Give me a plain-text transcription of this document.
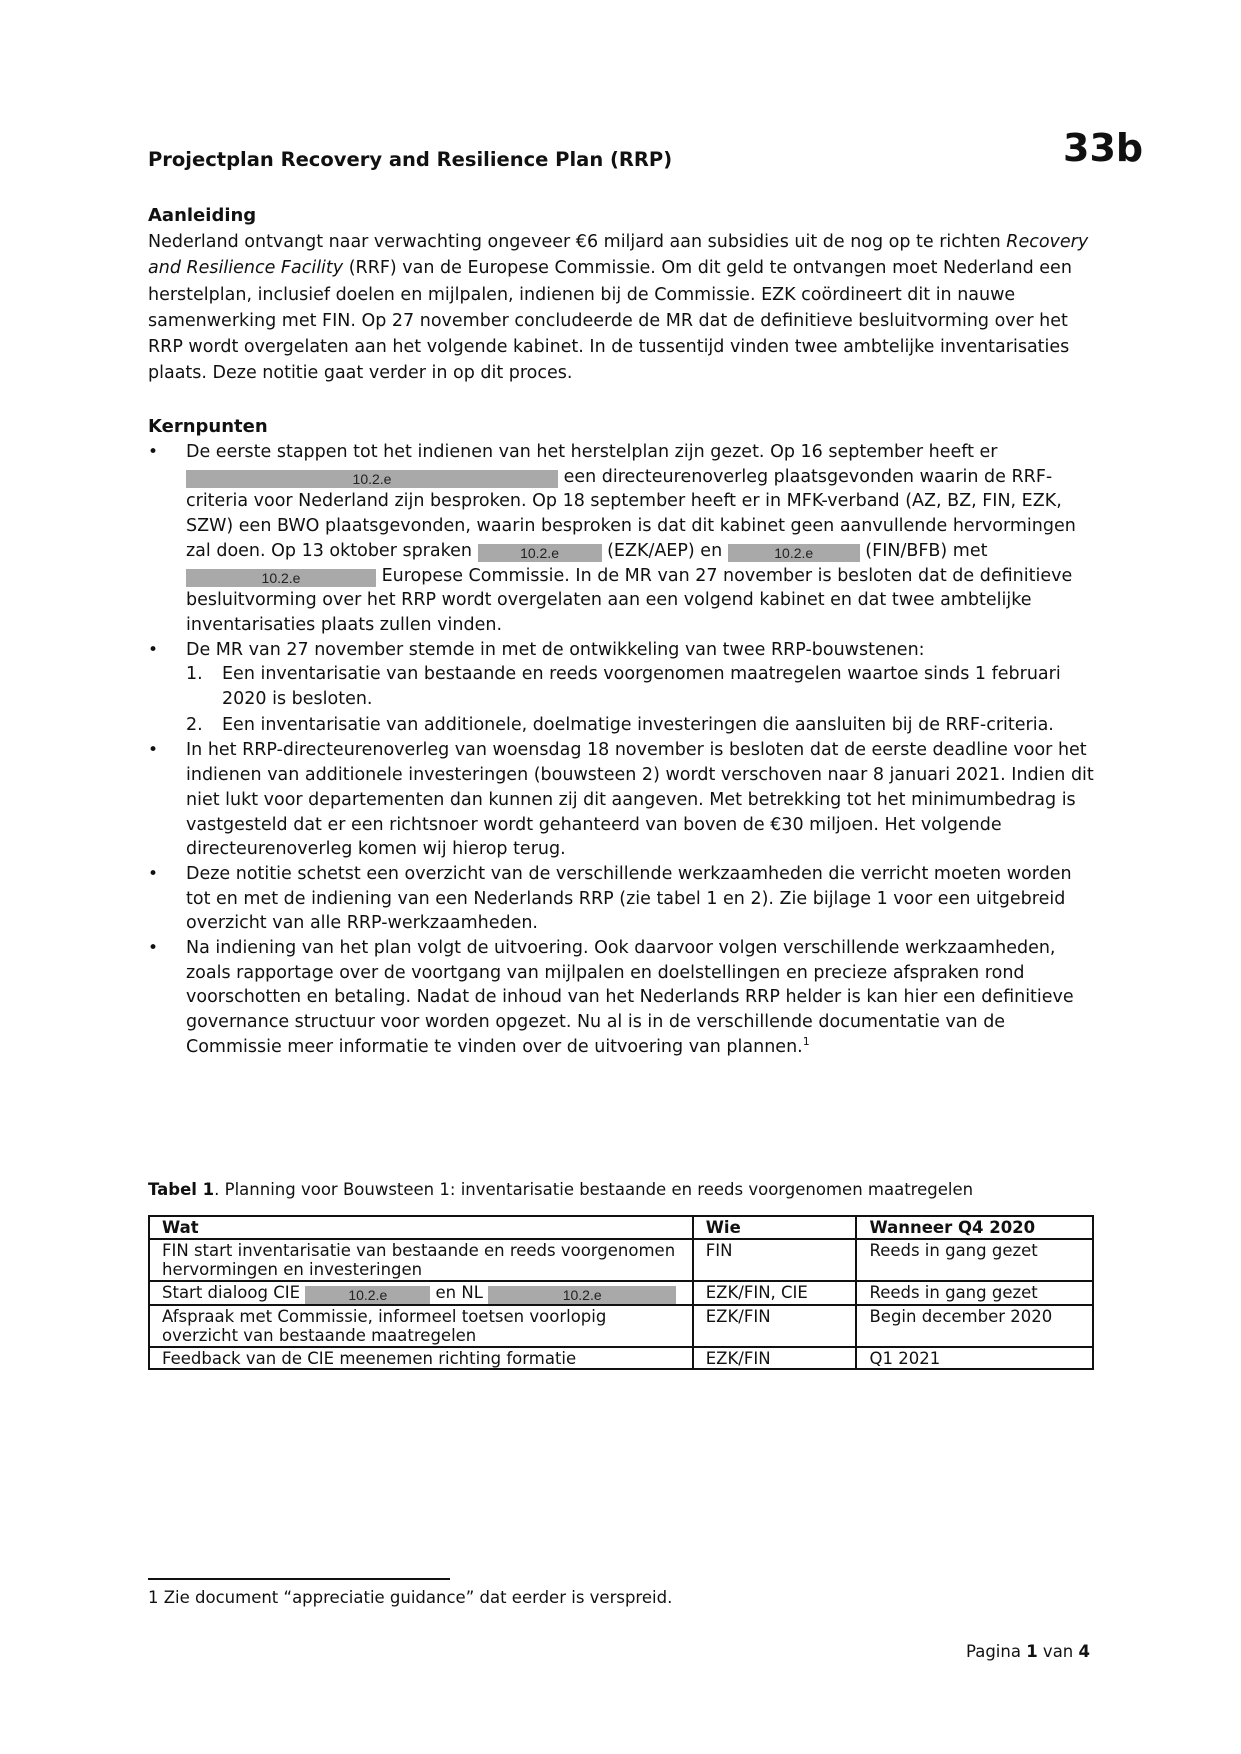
33b
Projectplan Recovery and Resilience Plan (RRP)
Aanleiding

Nederland ontvangt naar verwachting ongeveer €6 miljard aan subsidies uit de nog op te richten Recovery and Resilience Facility (RRF) van de Europese Commissie. Om dit geld te ontvangen moet Nederland een herstelplan, inclusief doelen en mijlpalen, indienen bij de Commissie. EZK coördineert dit in nauwe samenwerking met FIN. Op 27 november concludeerde de MR dat de definitieve besluitvorming over het RRP wordt overgelaten aan het volgende kabinet. In de tussentijd vinden twee ambtelijke inventarisaties plaats. Deze notitie gaat verder in op dit proces.

Kernpunten
• De eerste stappen tot het indienen van het herstelplan zijn gezet. Op 16 september heeft er 10.2.e	een directeurenoverleg plaatsgevonden waarin de RRF-criteria voor Nederland zijn besproken. Op 18 september heeft er in MFK-verband (AZ, BZ, FIN, EZK, SZW) een BWO plaatsgevonden, waarin besproken is dat dit kabinet geen aanvullende hervormingen zal doen. Op 13 oktober spraken	10.2.e (EZK/AEP) en	10.2.e	(FIN/BFB) met 10.2.e	Europese Commissie. In de MR van 27 november is besloten dat de definitieve besluitvorming over het RRP wordt overgelaten aan een volgend kabinet en dat twee ambtelijke inventarisaties plaats zullen vinden.
• De MR van 27 november stemde in met de ontwikkeling van twee RRP-bouwstenen:
1. Een inventarisatie van bestaande en reeds voorgenomen maatregelen waartoe sinds 1 februari 2020 is besloten.
2. Een inventarisatie van additionele, doelmatige investeringen die aansluiten bij de RRF-criteria.
• In het RRP-directeurenoverleg van woensdag 18 november is besloten dat de eerste deadline voor het indienen van additionele investeringen (bouwsteen 2) wordt verschoven naar 8 januari 2021. Indien dit niet lukt voor departementen dan kunnen zij dit aangeven. Met betrekking tot het minimumbedrag is vastgesteld dat er een richtsnoer wordt gehanteerd van boven de €30 miljoen. Het volgende directeurenoverleg komen wij hierop terug.
• Deze notitie schetst een overzicht van de verschillende werkzaamheden die verricht moeten worden tot en met de indiening van een Nederlands RRP (zie tabel 1 en 2). Zie bijlage 1 voor een uitgebreid overzicht van alle RRP-werkzaamheden.
• Na indiening van het plan volgt de uitvoering. Ook daarvoor volgen verschillende werkzaamheden, zoals rapportage over de voortgang van mijlpalen en doelstellingen en precieze afspraken rond voorschotten en betaling. Nadat de inhoud van het Nederlands RRP helder is kan hier een definitieve governance structuur voor worden opgezet. Nu al is in de verschillende documentatie van de Commissie meer informatie te vinden over de uitvoering van plannen.$^1$
Tabel 1. Planning voor Bouwsteen 1: inventarisatie bestaande en reeds voorgenomen maatregelen
Wat	Wie	Wanneer Q4 2020
FIN start inventarisatie van bestaande en reeds voorgenomen hervormingen en investeringen	FIN	Reeds in gang gezet
Start dialoog CIE 10.2.e en NL 10.2.e	EZK/FIN, CIE	Reeds in gang gezet
Afspraak met Commissie, informeel toetsen voorlopig overzicht van bestaande maatregelen	EZK/FIN	Begin december 2020
Feedback van de CIE meenemen richting formatie	EZK/FIN	Q1 2021
1 Zie document “appreciatie guidance” dat eerder is verspreid.
Pagina 1 van 4
